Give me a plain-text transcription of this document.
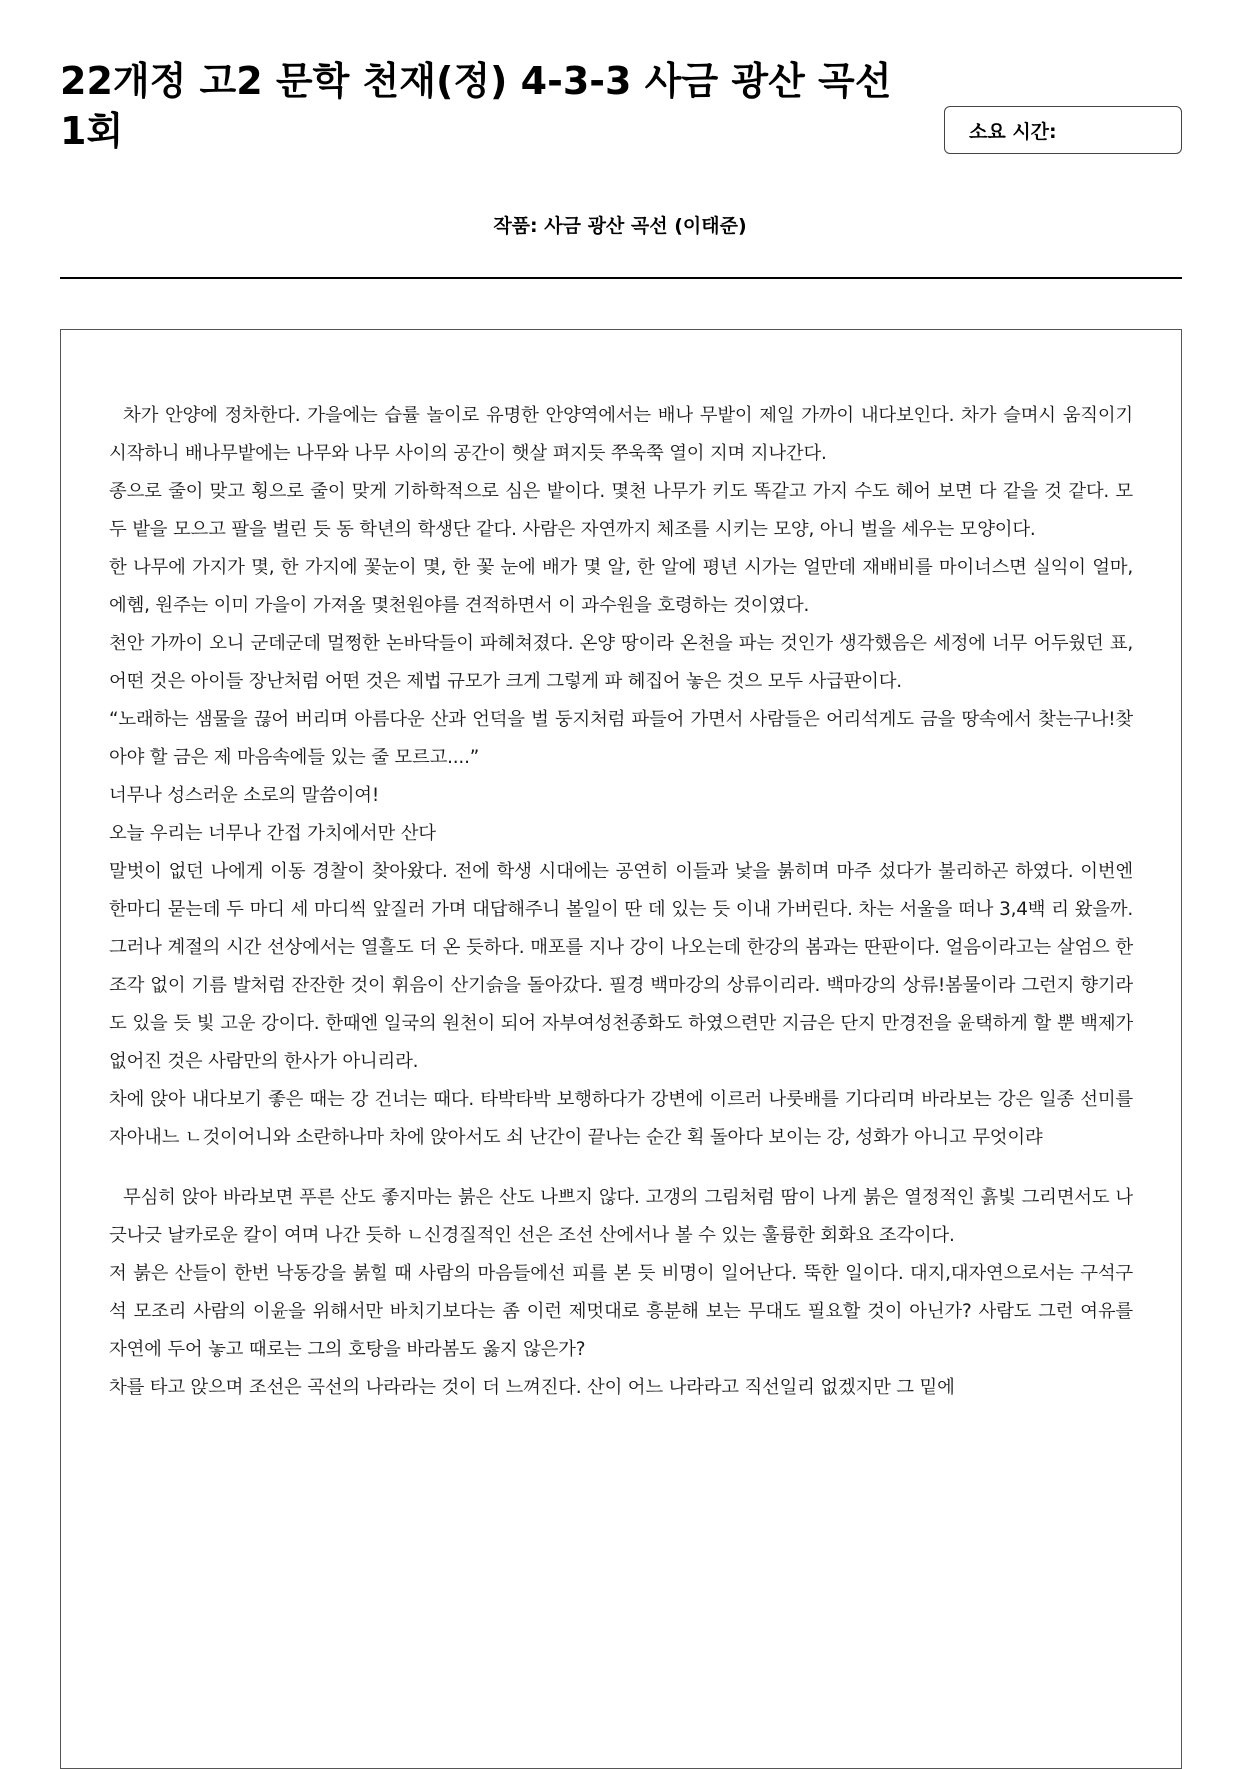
22개정 고2 문학 천재(정) 4-3-3 사금 광산 곡선 1회	소요 시간:
작품: 사금 광산 곡선 (이태준)

차가 안양에 정차한다. 가을에는 습률 놀이로 유명한 안양역에서는 배나 무밭이 제일 가까이 내다보인다. 차가 슬며시 움직이기 시작하니 배나무밭에는 나무와 나무 사이의 공간이 햇살 펴지듯 쭈욱쭉 열이 지며 지나간다.

종으로 줄이 맞고 횡으로 줄이 맞게 기하학적으로 심은 밭이다. 몇천 나무가 키도 똑같고 가지 수도 헤어 보면 다 같을 것 같다. 모두 밭을 모으고 팔을 벌린 듯 동 학년의 학생단 같다. 사람은 자연까지 체조를 시키는 모양, 아니 벌을 세우는 모양이다.

한 나무에 가지가 몇, 한 가지에 꽃눈이 몇, 한 꽃 눈에 배가 몇 알, 한 알에 평년 시가는 얼만데 재배비를 마이너스면 실익이 얼마, 에헴, 원주는 이미 가을이 가져올 몇천원야를 견적하면서 이 과수원을 호령하는 것이였다.

천안 가까이 오니 군데군데 멀쩡한 논바닥들이 파헤쳐졌다. 온양 땅이라 온천을 파는 것인가 생각했음은 세정에 너무 어두웠던 표, 어떤 것은 아이들 장난처럼 어떤 것은 제법 규모가 크게 그렇게 파 헤집어 놓은 것으 모두 사급판이다.

“노래하는 샘물을 끊어 버리며 아름다운 산과 언덕을 벌 둥지처럼 파들어 가면서 사람들은 어리석게도 금을 땅속에서 찾는구나!찾아야 할 금은 제 마음속에들 있는 줄 모르고....”

너무나 성스러운 소로의 말씀이여!

오늘 우리는 너무나 간접 가치에서만 산다

말벗이 없던 나에게 이동 경찰이 찾아왔다. 전에 학생 시대에는 공연히 이들과 낯을 붉히며 마주 섰다가 불리하곤 하였다. 이번엔 한마디 묻는데 두 마디 세 마디씩 앞질러 가며 대답해주니 볼일이 딴 데 있는 듯 이내 가버린다. 차는 서울을 떠나 3,4백 리 왔을까. 그러나 계절의 시간 선상에서는 열흘도 더 온 듯하다. 매포를 지나 강이 나오는데 한강의 봄과는 딴판이다. 얼음이라고는 살엄으 한 조각 없이 기름 발처럼 잔잔한 것이 휘음이 산기슭을 돌아갔다. 필경 백마강의 상류이리라. 백마강의 상류!봄물이라 그런지 향기라도 있을 듯 빛 고운 강이다. 한때엔 일국의 원천이 되어 자부여성천종화도 하였으련만 지금은 단지 만경전을 윤택하게 할 뿐 백제가 없어진 것은 사람만의 한사가 아니리라.

차에 앉아 내다보기 좋은 때는 강 건너는 때다. 타박타박 보행하다가 강변에 이르러 나룻배를 기다리며 바라보는 강은 일종 선미를 자아내느 ㄴ것이어니와 소란하나마 차에 앉아서도 쇠 난간이 끝나는 순간 획 돌아다 보이는 강, 성화가 아니고 무엇이랴

무심히 앉아 바라보면 푸른 산도 좋지마는 붉은 산도 나쁘지 않다. 고갱의 그림처럼 땀이 나게 붉은 열정적인 흙빛 그리면서도 나긋나긋 날카로운 칼이 여며 나간 듯하 ㄴ신경질적인 선은 조선 산에서나 볼 수 있는 훌륭한 회화요 조각이다.

저 붉은 산들이 한번 낙동강을 붉힐 때 사람의 마음들에선 피를 본 듯 비명이 일어난다. 뚝한 일이다. 대지,대자연으로서는 구석구석 모조리 사람의 이윤을 위해서만 바치기보다는 좀 이런 제멋대로 흥분해 보는 무대도 필요할 것이 아닌가? 사람도 그런 여유를 자연에 두어 놓고 때로는 그의 호탕을 바라봄도 옳지 않은가?

차를 타고 앉으며 조선은 곡선의 나라라는 것이 더 느껴진다. 산이 어느 나라라고 직선일리 없겠지만 그 밑에
